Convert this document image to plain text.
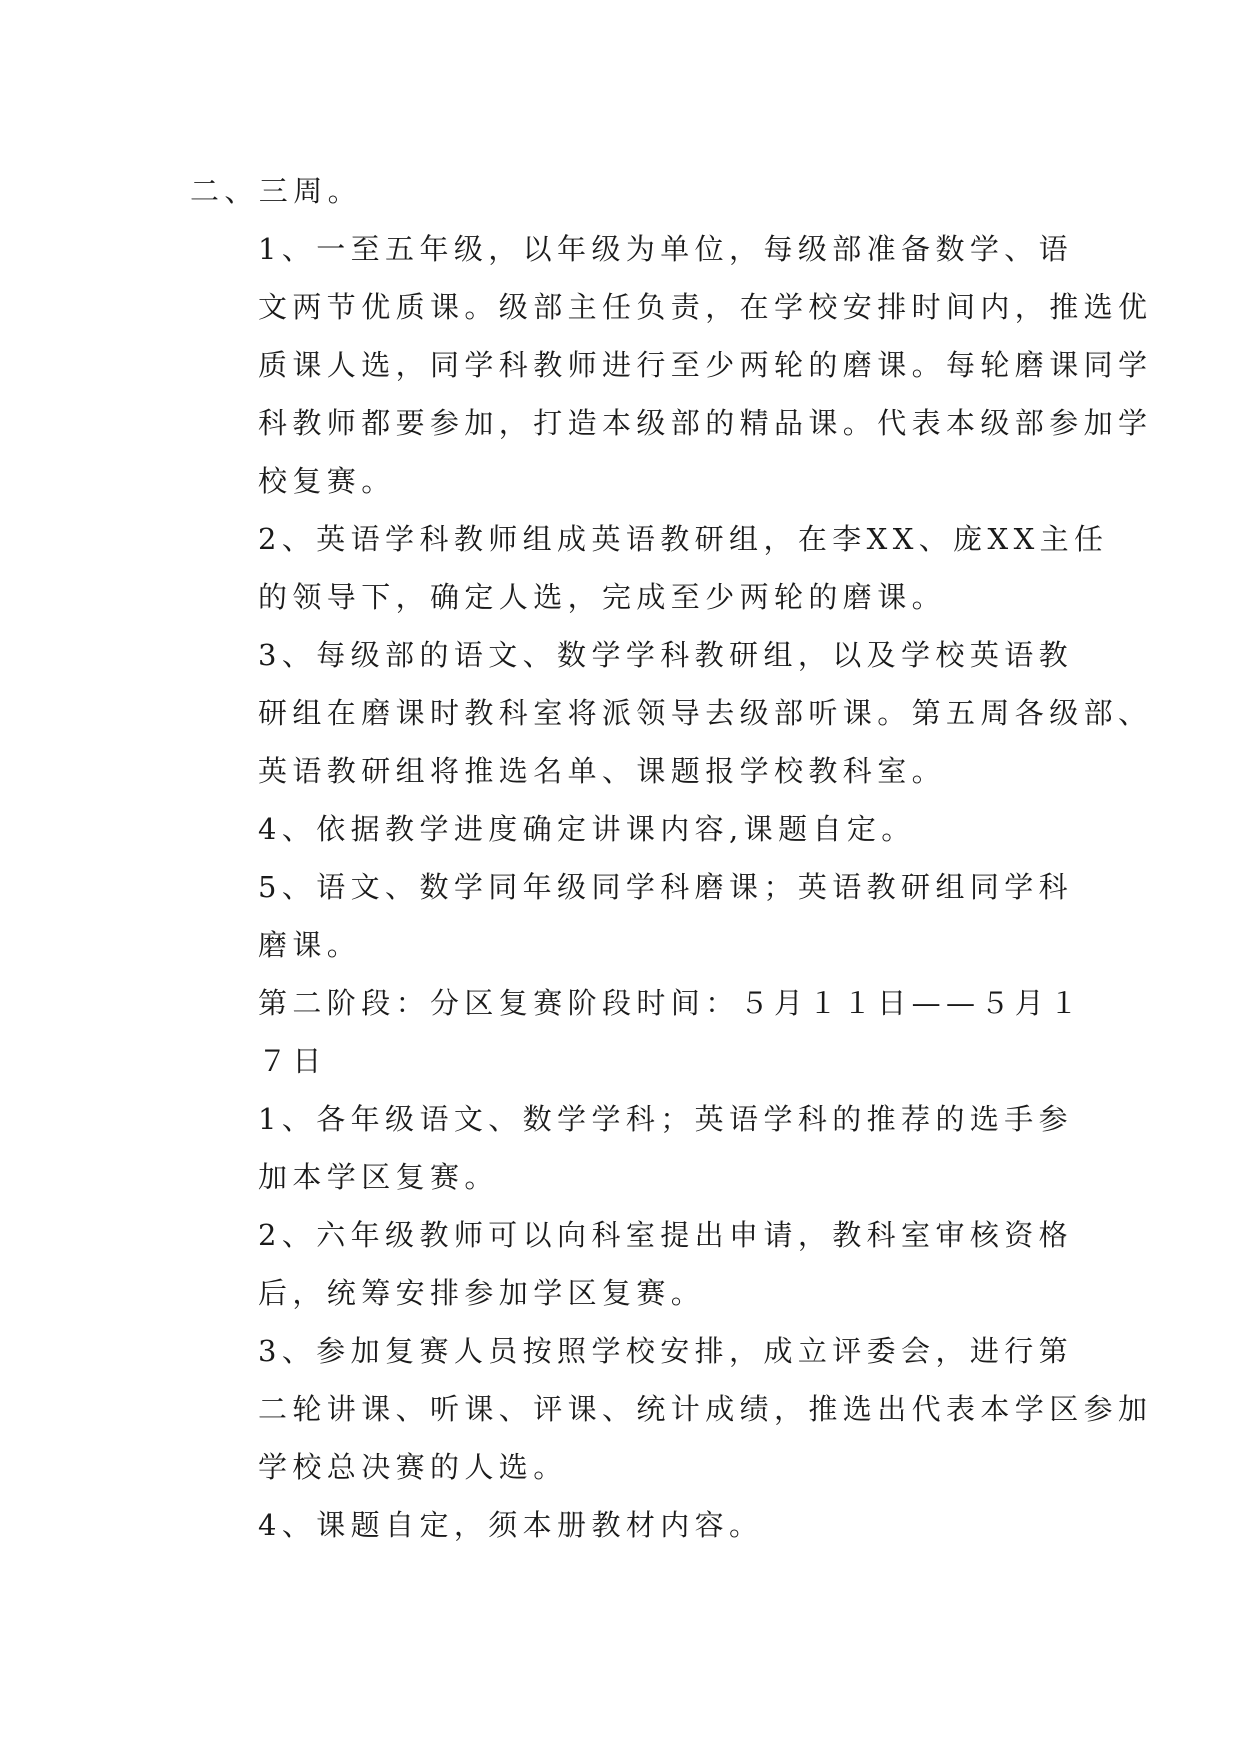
二、三周。

1、一至五年级，以年级为单位，每级部准备数学、语
文两节优质课。级部主任负责，在学校安排时间内，推选优
质课人选，同学科教师进行至少两轮的磨课。每轮磨课同学
科教师都要参加，打造本级部的精品课。代表本级部参加学
校复赛。

2、英语学科教师组成英语教研组，在李XX、庞XX主任
的领导下，确定人选，完成至少两轮的磨课。

3、每级部的语文、数学学科教研组，以及学校英语教
研组在磨课时教科室将派领导去级部听课。第五周各级部、
英语教研组将推选名单、课题报学校教科室。

4、依据教学进度确定讲课内容,课题自定。

5、语文、数学同年级同学科磨课；英语教研组同学科
磨课。

第二阶段：分区复赛阶段时间：５月１１日——５月１
７日

1、各年级语文、数学学科；英语学科的推荐的选手参
加本学区复赛。

2、六年级教师可以向科室提出申请，教科室审核资格
后，统筹安排参加学区复赛。

3、参加复赛人员按照学校安排，成立评委会，进行第
二轮讲课、听课、评课、统计成绩，推选出代表本学区参加
学校总决赛的人选。

4、课题自定，须本册教材内容。
